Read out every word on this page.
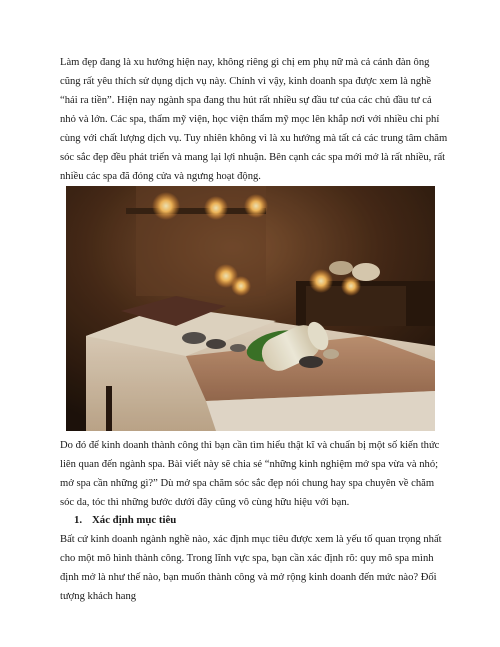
Làm đẹp đang là xu hướng hiện nay, không riêng gì chị em phụ nữ mà cả cánh đàn ông cũng rất yêu thích sử dụng dịch vụ này. Chính vì vậy, kinh doanh spa được xem là nghề “hái ra tiền”. Hiện nay ngành spa đang thu hút rất nhiều sự đầu tư của các chủ đầu tư cả nhỏ và lớn. Các spa, thẩm mỹ viện, học viện thẩm mỹ mọc lên khắp nơi với nhiều chi phí cùng với chất lượng dịch vụ. Tuy nhiên không vì là xu hướng mà tất cả các trung tâm chăm sóc sắc đẹp đều phát triển và mang lại lợi nhuận. Bên cạnh các spa mới mở là rất nhiều, rất nhiều các spa đã đóng cửa và ngưng hoạt động.

Do đó để kinh doanh thành công thì bạn cần tìm hiểu thật kĩ và chuẩn bị một số kiến thức liên quan đến ngành spa. Bài viết này sẽ chia sẻ “những kinh nghiệm mở spa vừa và nhỏ; mở spa cần những gì?” Dù mở spa chăm sóc sắc đẹp nói chung hay spa chuyên về chăm sóc da, tóc thì những bước dưới đây cũng vô cùng hữu hiệu với bạn.

1. Xác định mục tiêu

Bất cứ kinh doanh ngành nghề nào, xác định mục tiêu được xem là yếu tố quan trọng nhất cho một mô hình thành công. Trong lĩnh vực spa, bạn cần xác định rõ: quy mô spa mình định mở là như thế nào, bạn muốn thành công và mở rộng kinh doanh đến mức nào? Đối tượng khách hang
